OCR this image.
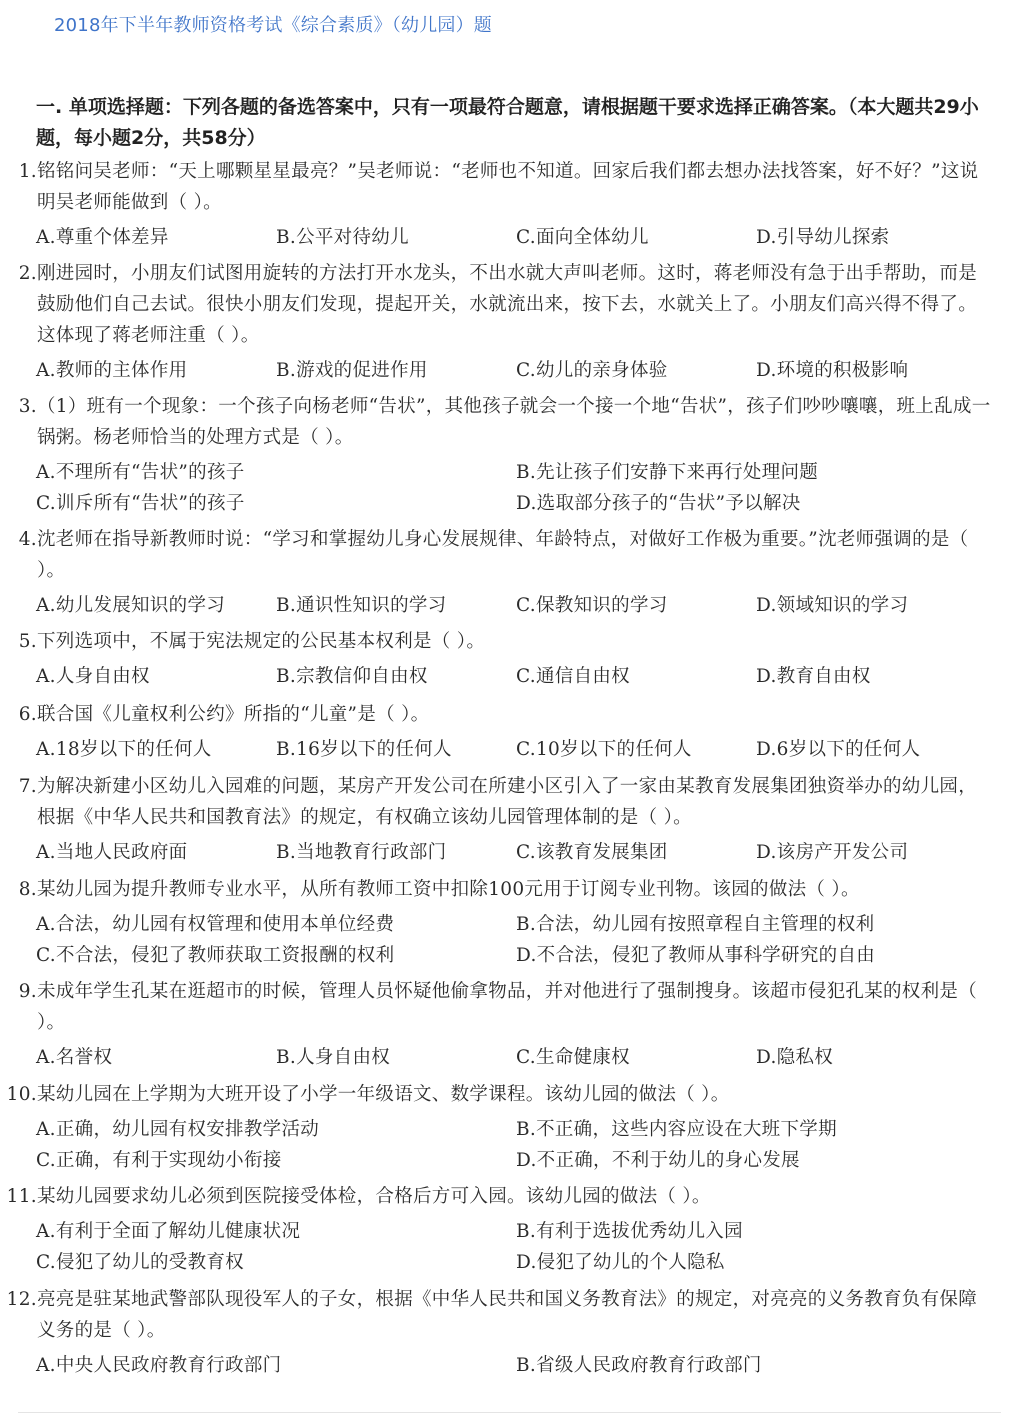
2018年下半年教师资格考试《综合素质》（幼儿园）题
一. 单项选择题：下列各题的备选答案中，只有一项最符合题意，请根据题干要求选择正确答案。（本大题共29小题，每小题2分，共58分）
1. 铭铭问吴老师：“天上哪颗星星最亮？”吴老师说：“老师也不知道。回家后我们都去想办法找答案，好不好？”这说明吴老师能做到（ ）。
A.尊重个体差异	B.公平对待幼儿	C.面向全体幼儿	D.引导幼儿探索
2. 刚进园时，小朋友们试图用旋转的方法打开水龙头，不出水就大声叫老师。这时，蒋老师没有急于出手帮助，而是鼓励他们自己去试。很快小朋友们发现，提起开关，水就流出来，按下去，水就关上了。小朋友们高兴得不得了。这体现了蒋老师注重（ ）。
A.教师的主体作用	B.游戏的促进作用	C.幼儿的亲身体验	D.环境的积极影响
3. （1）班有一个现象：一个孩子向杨老师“告状”，其他孩子就会一个接一个地“告状”，孩子们吵吵嚷嚷，班上乱成一锅粥。杨老师恰当的处理方式是（ ）。
A.不理所有“告状”的孩子	B.先让孩子们安静下来再行处理问题
C.训斥所有“告状”的孩子	D.选取部分孩子的“告状”予以解决
4. 沈老师在指导新教师时说：“学习和掌握幼儿身心发展规律、年龄特点，对做好工作极为重要。”沈老师强调的是（ ）。
A.幼儿发展知识的学习	B.通识性知识的学习	C.保教知识的学习	D.领域知识的学习
5. 下列选项中，不属于宪法规定的公民基本权利是（ ）。
A.人身自由权	B.宗教信仰自由权	C.通信自由权	D.教育自由权
6. 联合国《儿童权利公约》所指的“儿童”是（ ）。
A.18岁以下的任何人	B.16岁以下的任何人	C.10岁以下的任何人	D.6岁以下的任何人
7. 为解决新建小区幼儿入园难的问题，某房产开发公司在所建小区引入了一家由某教育发展集团独资举办的幼儿园，根据《中华人民共和国教育法》的规定，有权确立该幼儿园管理体制的是（ ）。
A.当地人民政府面	B.当地教育行政部门	C.该教育发展集团	D.该房产开发公司
8. 某幼儿园为提升教师专业水平，从所有教师工资中扣除100元用于订阅专业刊物。该园的做法（ ）。
A.合法，幼儿园有权管理和使用本单位经费	B.合法，幼儿园有按照章程自主管理的权利
C.不合法，侵犯了教师获取工资报酬的权利	D.不合法，侵犯了教师从事科学研究的自由
9. 未成年学生孔某在逛超市的时候，管理人员怀疑他偷拿物品，并对他进行了强制搜身。该超市侵犯孔某的权利是（ ）。
A.名誉权	B.人身自由权	C.生命健康权	D.隐私权
10. 某幼儿园在上学期为大班开设了小学一年级语文、数学课程。该幼儿园的做法（ ）。
A.正确，幼儿园有权安排教学活动	B.不正确，这些内容应设在大班下学期
C.正确，有利于实现幼小衔接	D.不正确，不利于幼儿的身心发展
11. 某幼儿园要求幼儿必须到医院接受体检，合格后方可入园。该幼儿园的做法（ ）。
A.有利于全面了解幼儿健康状况	B.有利于选拔优秀幼儿入园
C.侵犯了幼儿的受教育权	D.侵犯了幼儿的个人隐私
12. 亮亮是驻某地武警部队现役军人的子女，根据《中华人民共和国义务教育法》的规定，对亮亮的义务教育负有保障义务的是（ ）。
A.中央人民政府教育行政部门	B.省级人民政府教育行政部门
